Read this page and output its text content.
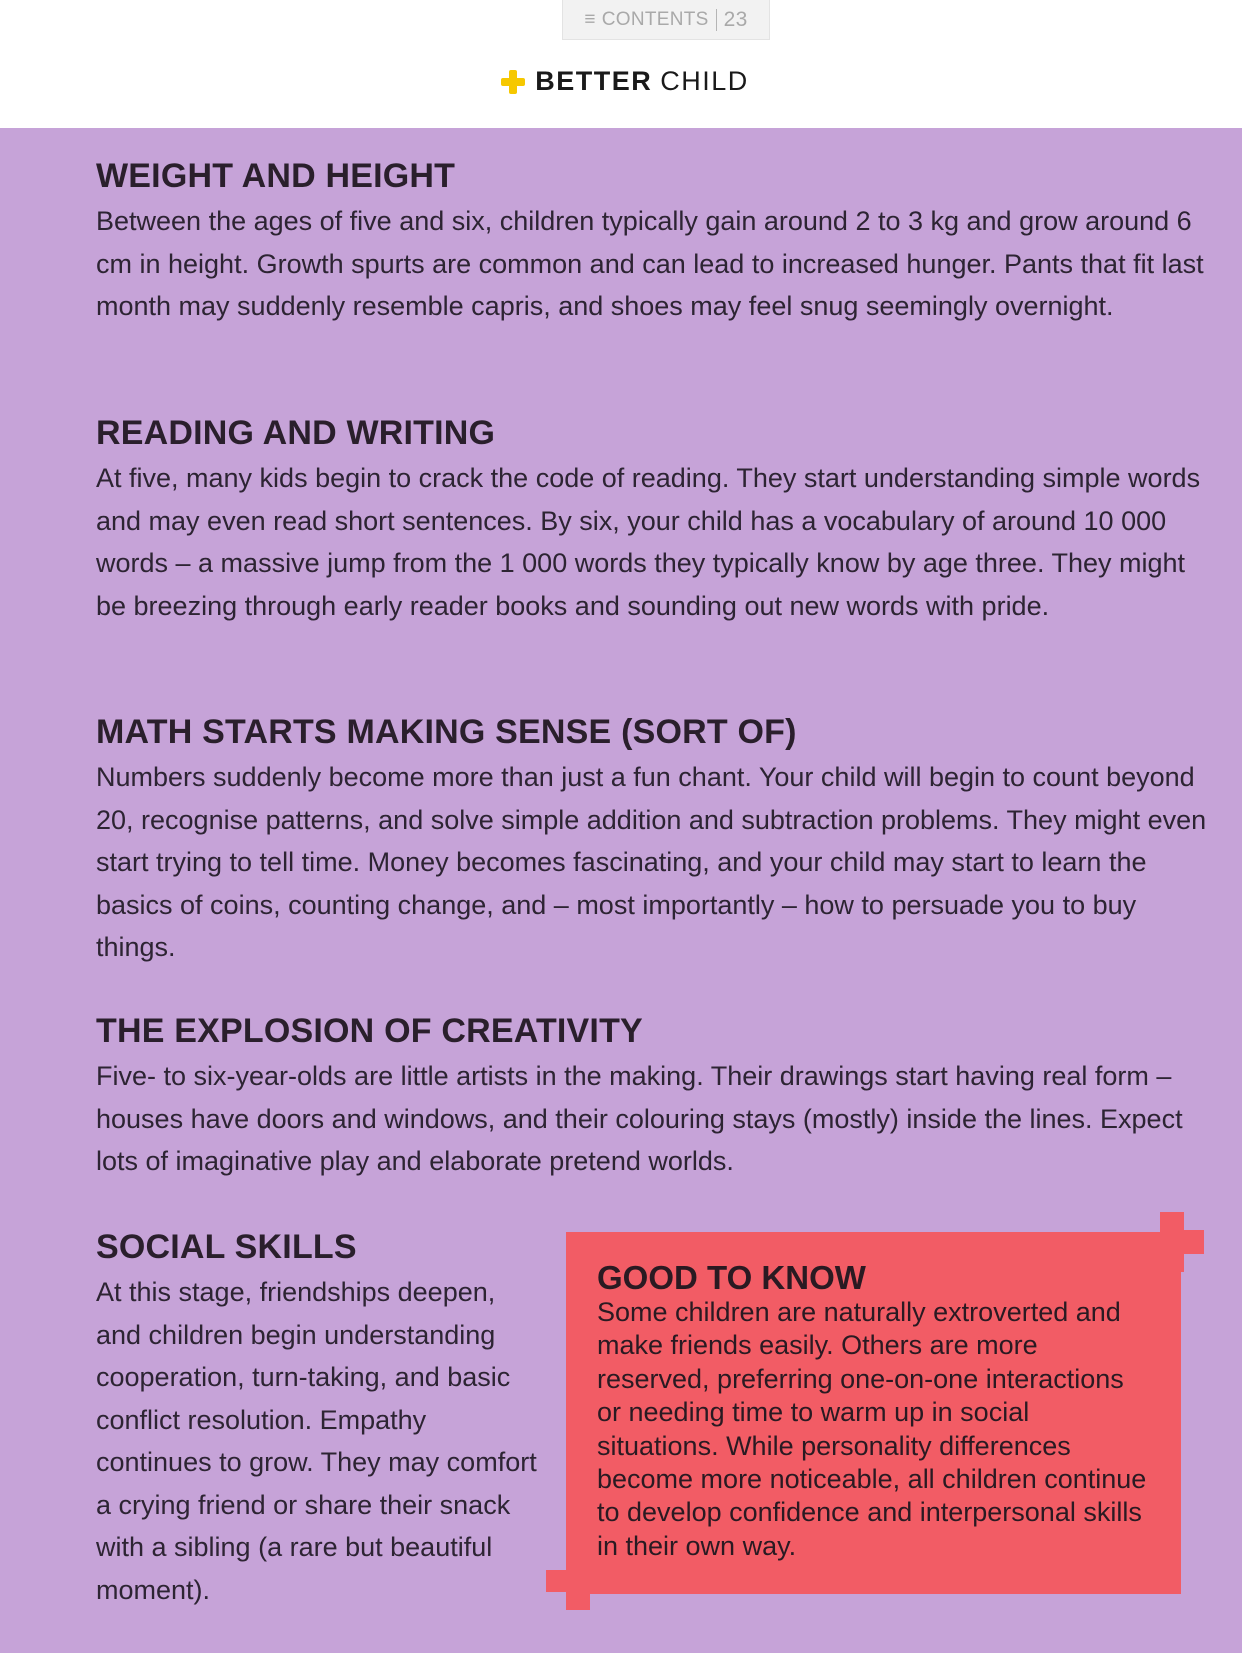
≡ CONTENTS 23
BETTER CHILD
WEIGHT AND HEIGHT

Between the ages of five and six, children typically gain around 2 to 3 kg and grow around 6 cm in height. Growth spurts are common and can lead to increased hunger. Pants that fit last month may suddenly resemble capris, and shoes may feel snug seemingly overnight.

READING AND WRITING

At five, many kids begin to crack the code of reading. They start understanding simple words and may even read short sentences. By six, your child has a vocabulary of around 10 000 words – a massive jump from the 1 000 words they typically know by age three. They might be breezing through early reader books and sounding out new words with pride.

MATH STARTS MAKING SENSE (SORT OF)

Numbers suddenly become more than just a fun chant. Your child will begin to count beyond 20, recognise patterns, and solve simple addition and subtraction problems. They might even start trying to tell time. Money becomes fascinating, and your child may start to learn the basics of coins, counting change, and – most importantly – how to persuade you to buy things.

THE EXPLOSION OF CREATIVITY

Five- to six-year-olds are little artists in the making. Their drawings start having real form – houses have doors and windows, and their colouring stays (mostly) inside the lines. Expect lots of imaginative play and elaborate pretend worlds.

SOCIAL SKILLS

At this stage, friendships deepen, and children begin understanding cooperation, turn-taking, and basic conflict resolution. Empathy continues to grow. They may comfort a crying friend or share their snack with a sibling (a rare but beautiful moment).

GOOD TO KNOW

Some children are naturally extroverted and make friends easily. Others are more reserved, preferring one-on-one interactions or needing time to warm up in social situations. While personality differences become more noticeable, all children continue to develop confidence and interpersonal skills in their own way.
